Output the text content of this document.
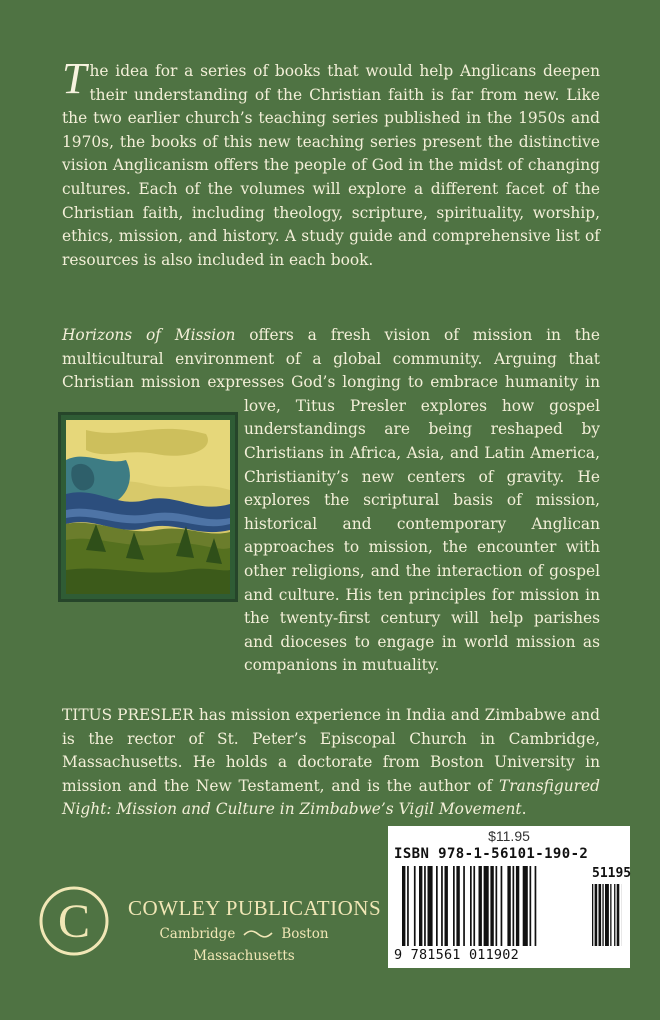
The idea for a series of books that would help Anglicans deepen their understanding of the Christian faith is far from new. Like the two earlier church’s teaching series published in the 1950s and 1970s, the books of this new teaching series present the distinctive vision Anglicanism offers the people of God in the midst of changing cultures. Each of the volumes will explore a different facet of the Christian faith, including theology, scripture, spirituality, worship, ethics, mission, and history. A study guide and comprehensive list of resources is also included in each book.

Horizons of Mission offers a fresh vision of mission in the multicultural environment of a global community. Arguing that Christian mission expresses God’s longing to embrace humanity in love, Titus Presler explores how gospel understandings are being reshaped by Christians in Africa, Asia, and Latin America, Christianity’s new centers of gravity. He explores the scriptural basis of mission, historical and contemporary Anglican approaches to mission, the encounter with other religions, and the interaction of gospel and culture. His ten principles for mission in the twenty-first century will help parishes and dioceses to engage in world mission as companions in mutuality.

TITUS PRESLER has mission experience in India and Zimbabwe and is the rector of St. Peter’s Episcopal Church in Cambridge, Massachusetts. He holds a doctorate from Boston University in mission and the New Testament, and is the author of Transfigured Night: Mission and Culture in Zimbabwe’s Vigil Movement.

$11.95
ISBN 978-1-56101-190-2
51195
9 781561 011902
C COWLEY PUBLICATIONS
Cambridge	Boston
Massachusetts
